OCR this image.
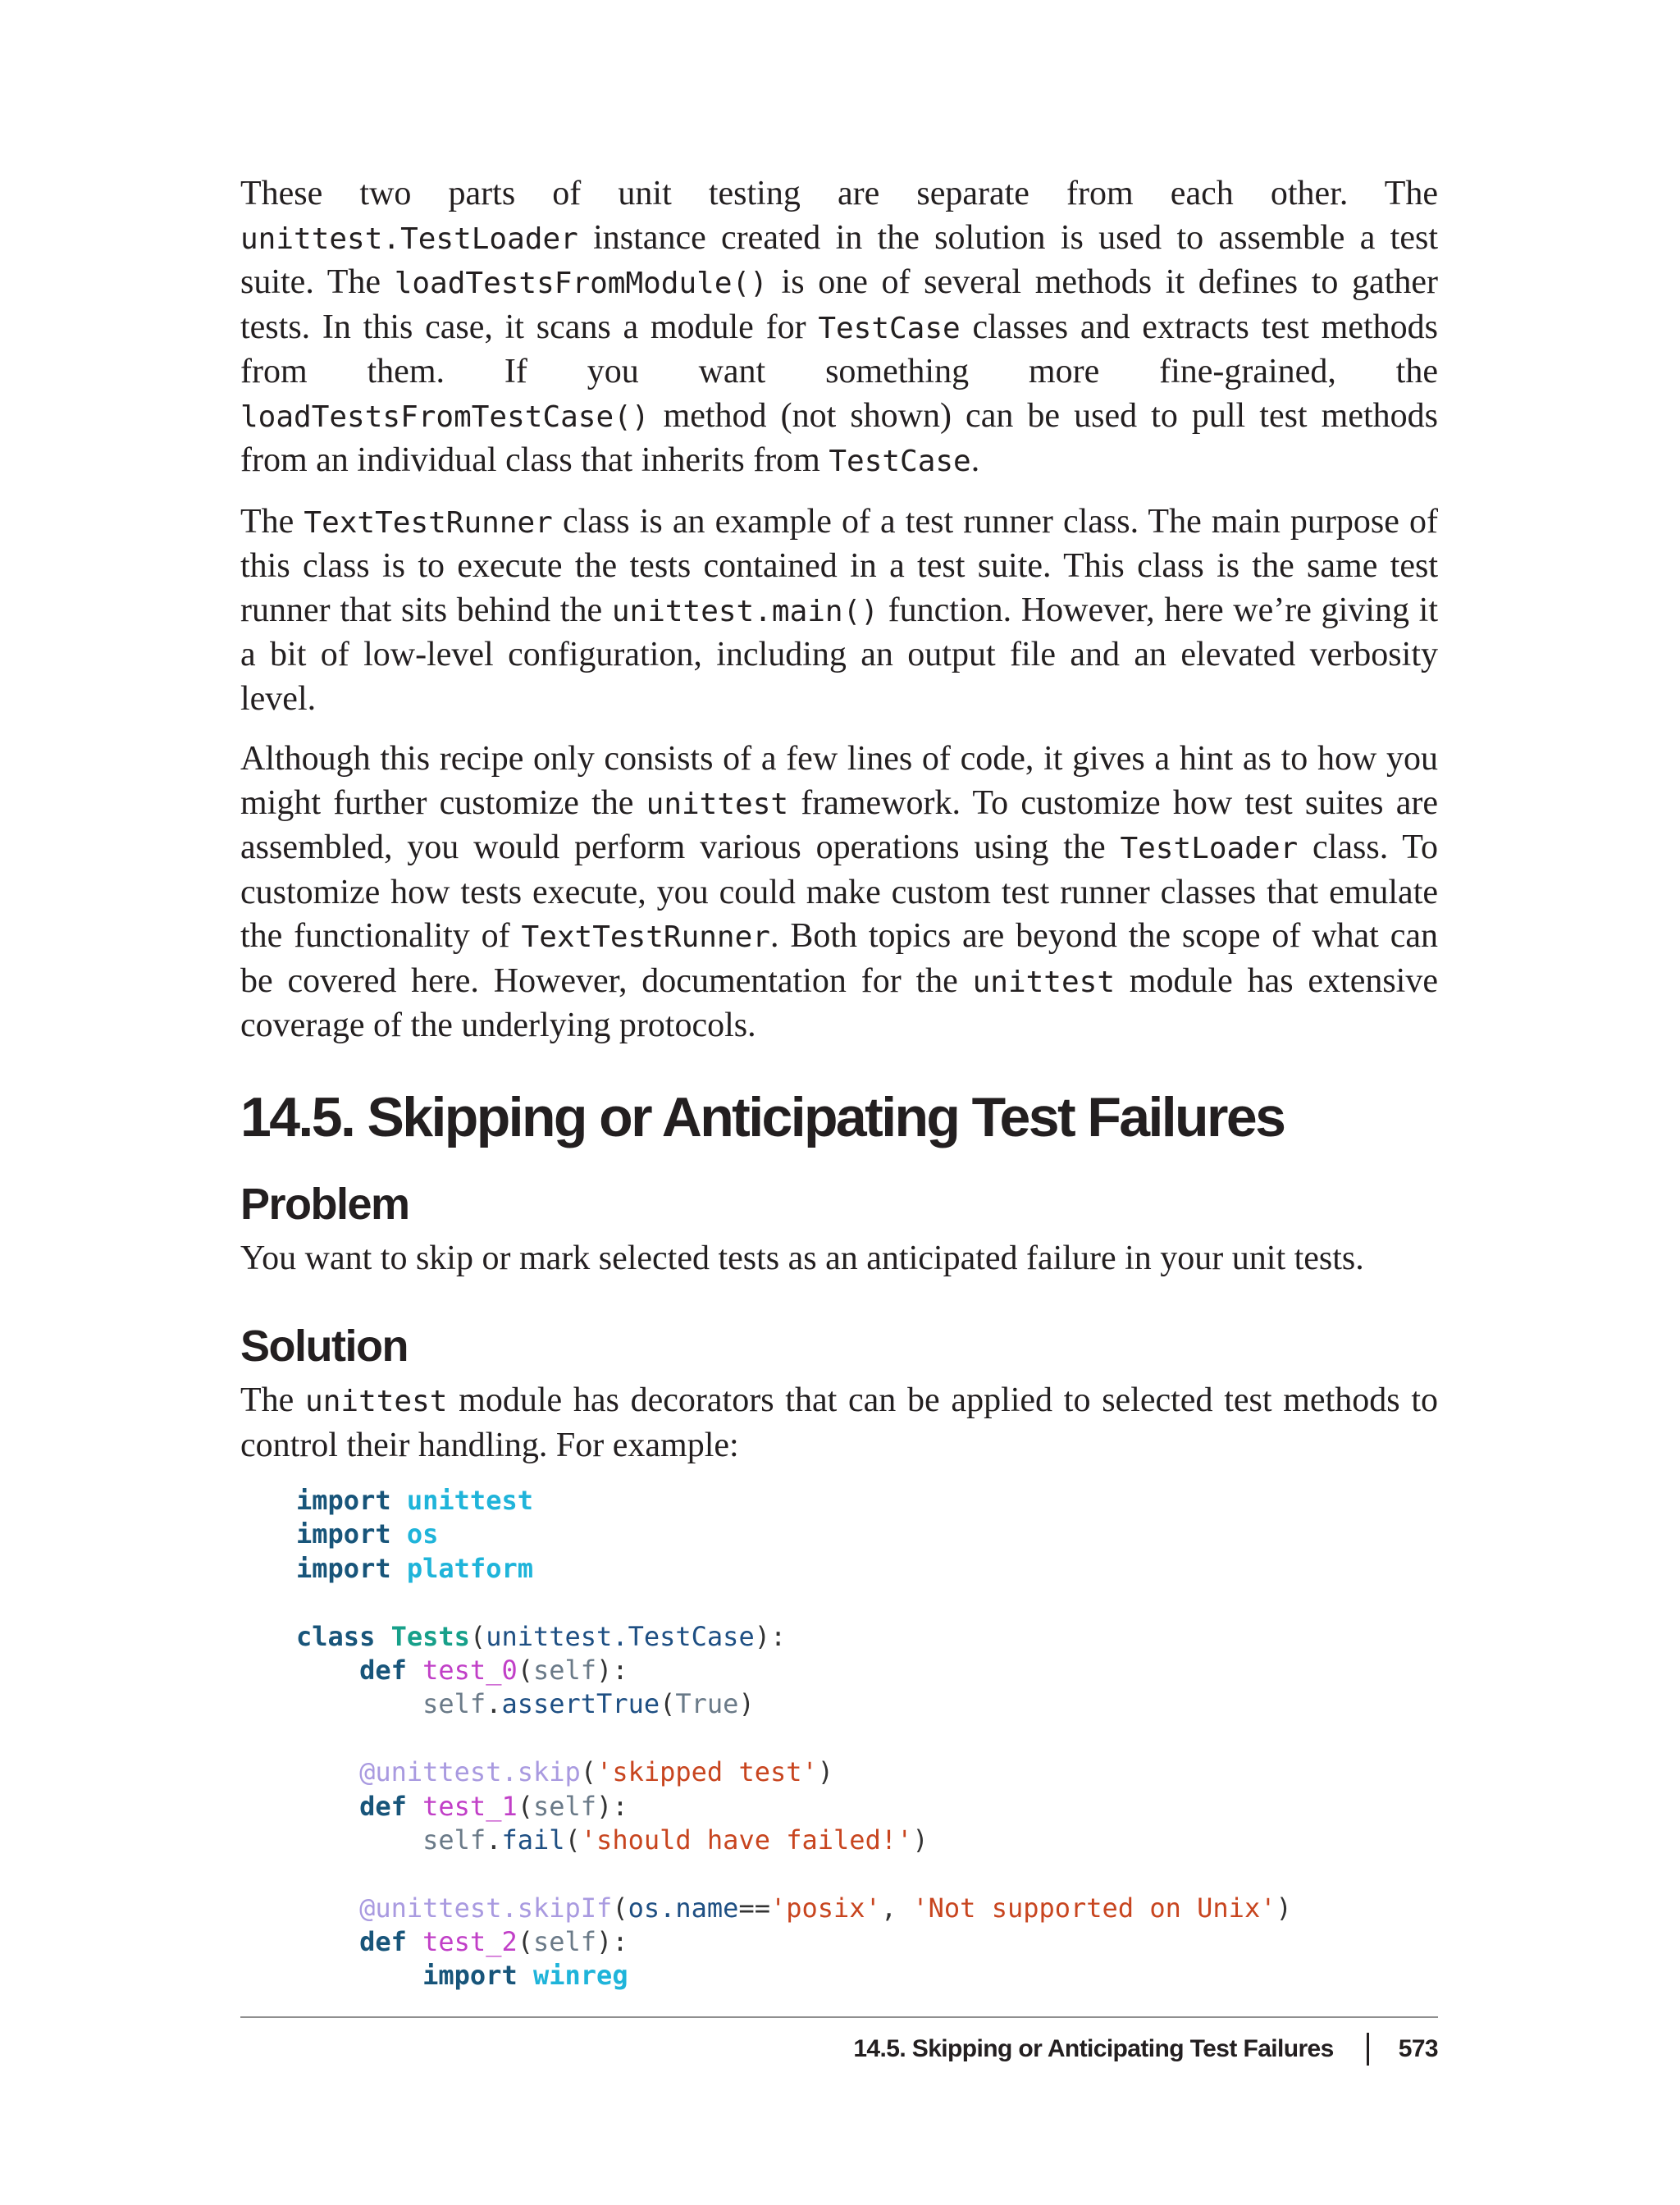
These two parts of unit testing are separate from each other. The unittest.TestLoader instance created in the solution is used to assemble a test suite. The loadTestsFromModule() is one of several methods it defines to gather tests. In this case, it scans a module for TestCase classes and extracts test methods from them. If you want something more fine-grained, the loadTestsFromTestCase() method (not shown) can be used to pull test methods from an individual class that inherits from TestCase.

The TextTestRunner class is an example of a test runner class. The main purpose of this class is to execute the tests contained in a test suite. This class is the same test runner that sits behind the unittest.main() function. However, here we’re giving it a bit of low-level configuration, including an output file and an elevated verbosity level.

Although this recipe only consists of a few lines of code, it gives a hint as to how you might further customize the unittest framework. To customize how test suites are assembled, you would perform various operations using the TestLoader class. To customize how tests execute, you could make custom test runner classes that emulate the functionality of TextTestRunner. Both topics are beyond the scope of what can be covered here. However, documentation for the unittest module has extensive coverage of the underlying protocols.

14.5. Skipping or Anticipating Test Failures
Problem

You want to skip or mark selected tests as an anticipated failure in your unit tests.

Solution

The unittest module has decorators that can be applied to selected test methods to control their handling. For example:

import unittest
import os
import platform
class Tests(unittest.TestCase):
def test_0(self):
self.assertTrue(True)
@unittest.skip('skipped test')
def test_1(self):
self.fail('should have failed!')
@unittest.skipIf(os.name=='posix', 'Not supported on Unix')
def test_2(self):
import winreg
14.5. Skipping or Anticipating Test Failures	573
